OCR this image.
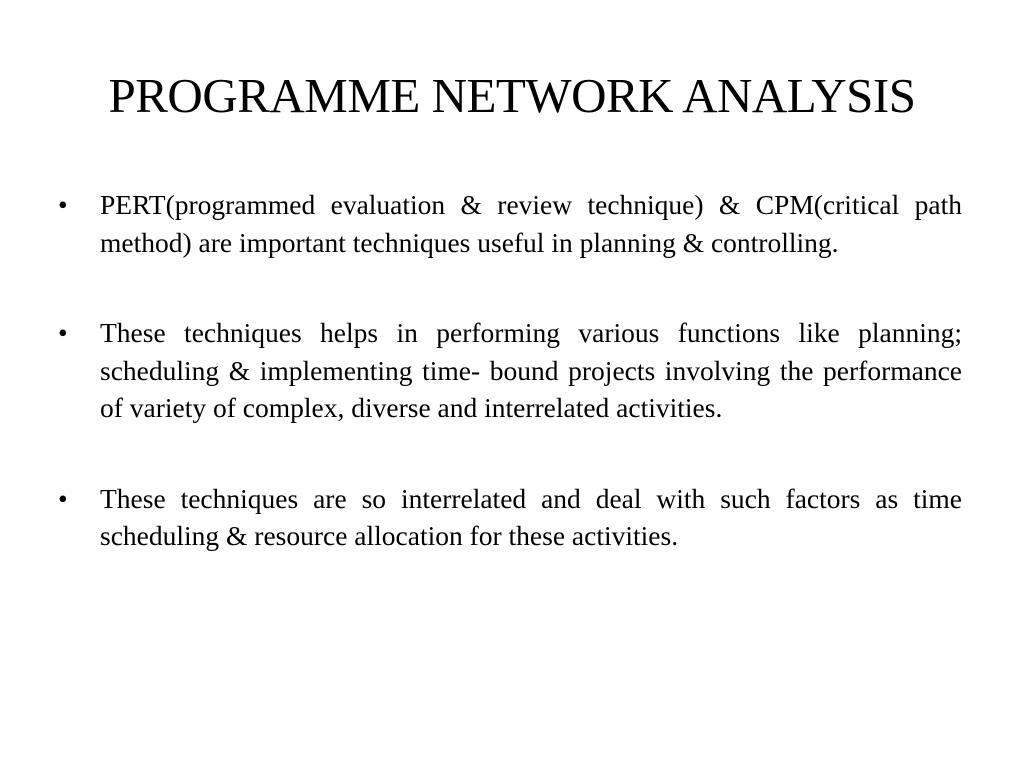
PROGRAMME NETWORK ANALYSIS
•	PERT(programmed evaluation & review technique) & CPM(critical path method) are important techniques useful in planning & controlling.
•	These techniques helps in performing various functions like planning; scheduling & implementing time- bound projects involving the performance of variety of complex, diverse and interrelated activities.
•	These techniques are so interrelated and deal with such factors as time scheduling & resource allocation for these activities.
